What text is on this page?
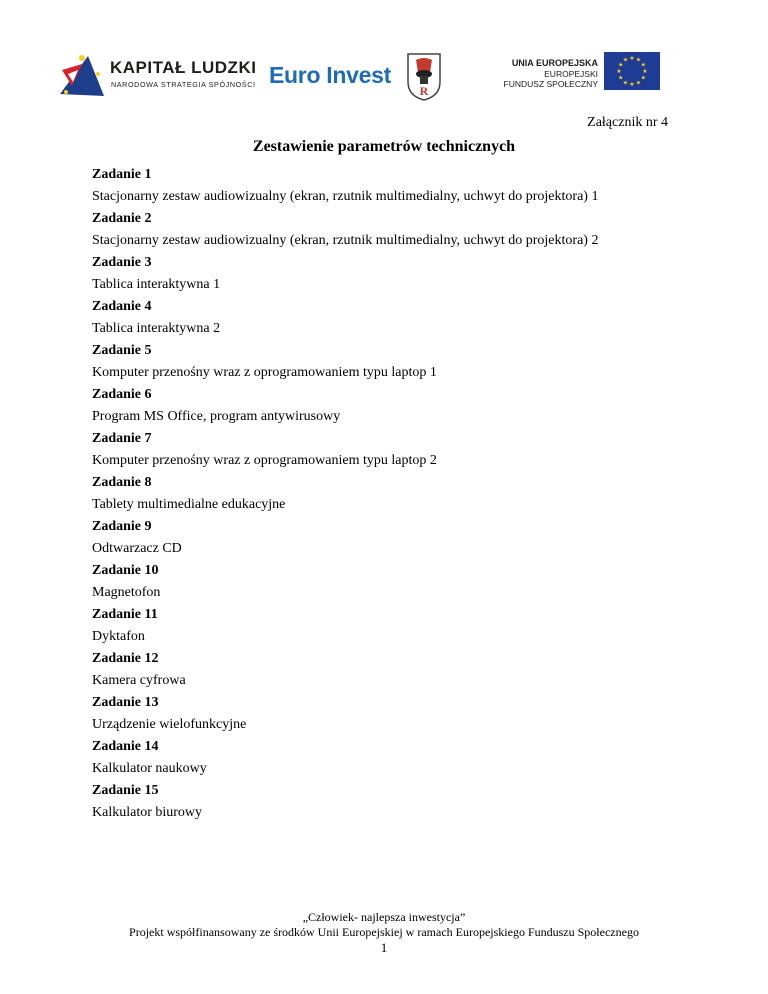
KAPITAŁ LUDZKI
NARODOWA STRATEGIA SPÓJNOŚCI Euro Invest
R
UNIA EUROPEJSKA
EUROPEJSKI
FUNDUSZ SPOŁECZNY
★ ★
★
★
★
★
★
★
★
★
★
★
Załącznik nr 4
Zestawienie parametrów technicznych
Zadanie 1
Stacjonarny zestaw audiowizualny (ekran, rzutnik multimedialny, uchwyt do projektora) 1
Zadanie 2
Stacjonarny zestaw audiowizualny (ekran, rzutnik multimedialny, uchwyt do projektora) 2
Zadanie 3
Tablica interaktywna 1
Zadanie 4
Tablica interaktywna 2
Zadanie 5
Komputer przenośny wraz z oprogramowaniem typu laptop 1
Zadanie 6
Program MS Office, program antywirusowy
Zadanie 7
Komputer przenośny wraz z oprogramowaniem typu laptop 2
Zadanie 8
Tablety multimedialne edukacyjne
Zadanie 9
Odtwarzacz CD
Zadanie 10
Magnetofon
Zadanie 11
Dyktafon
Zadanie 12
Kamera cyfrowa
Zadanie 13
Urządzenie wielofunkcyjne
Zadanie 14
Kalkulator naukowy
Zadanie 15
Kalkulator biurowy
„Człowiek- najlepsza inwestycja”
Projekt współfinansowany ze środków Unii Europejskiej w ramach Europejskiego Funduszu Społecznego
1
